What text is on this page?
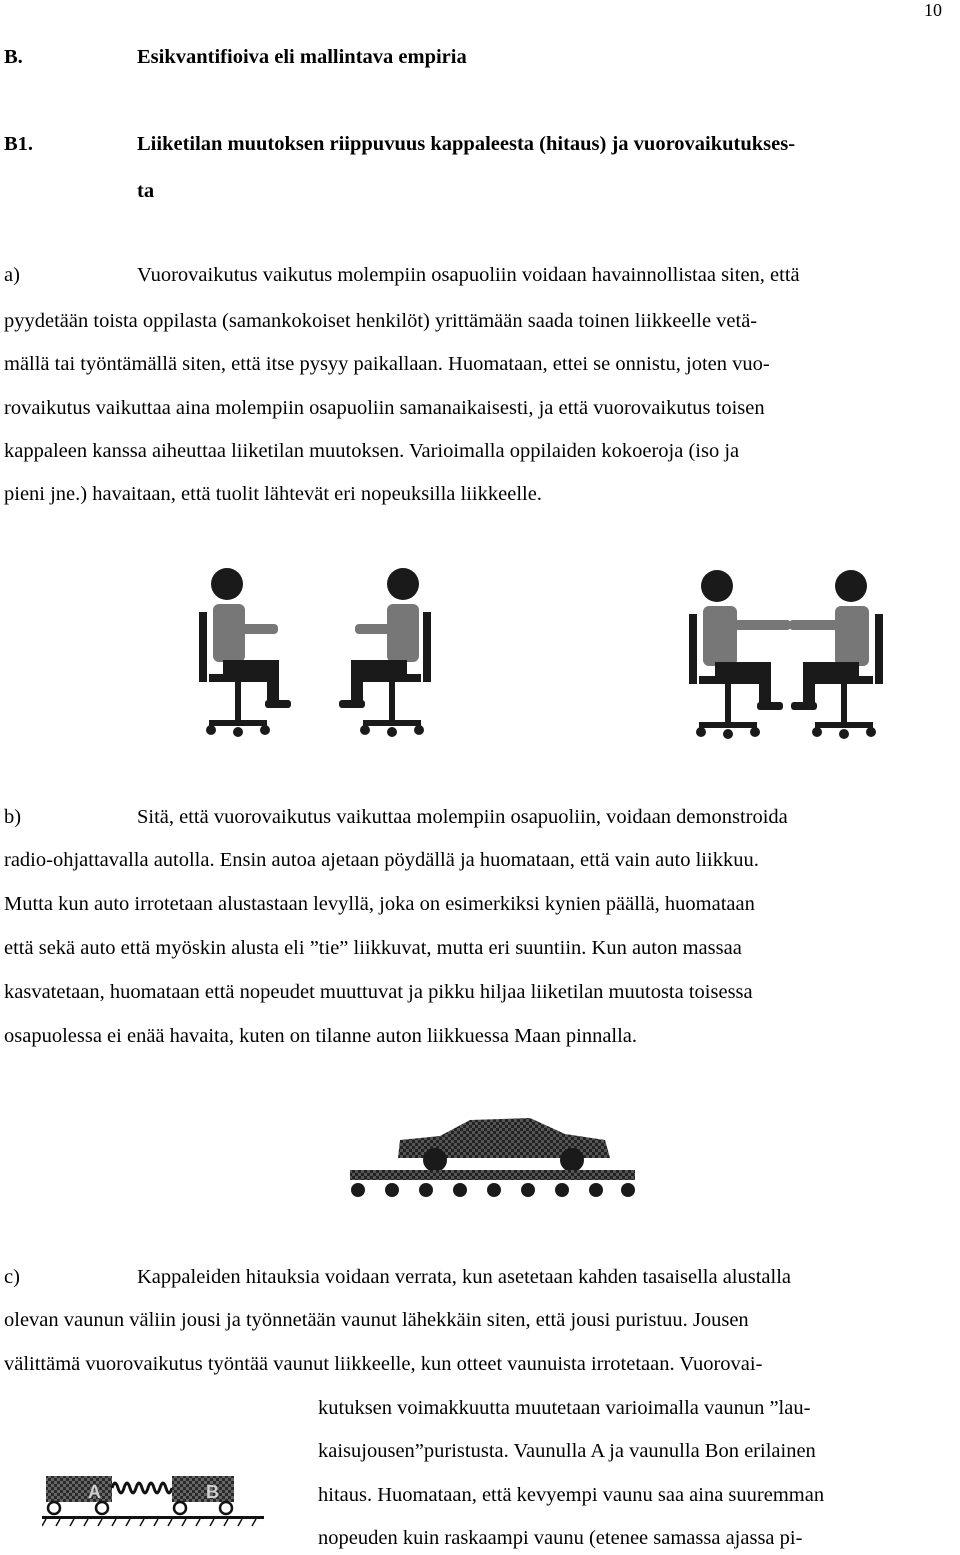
10
B.	Esikvantifioiva eli mallintava empiria
B1.	Liiketilan muutoksen riippuvuus kappaleesta (hitaus) ja vuorovaikutukses-
ta
a)	Vuorovaikutus vaikutus molempiin osapuoliin voidaan havainnollistaa siten, että
pyydetään toista oppilasta (samankokoiset henkilöt) yrittämään saada toinen liikkeelle vetä-
mällä tai työntämällä siten, että itse pysyy paikallaan. Huomataan, ettei se onnistu, joten vuo-
rovaikutus vaikuttaa aina molempiin osapuoliin samanaikaisesti, ja että vuorovaikutus toisen
kappaleen kanssa aiheuttaa liiketilan muutoksen. Varioimalla oppilaiden kokoeroja (iso ja
pieni jne.) havaitaan, että tuolit lähtevät eri nopeuksilla liikkeelle.
b)	Sitä, että vuorovaikutus vaikuttaa molempiin osapuoliin, voidaan demonstroida
radio-ohjattavalla autolla. Ensin autoa ajetaan pöydällä ja huomataan, että vain auto liikkuu.
Mutta kun auto irrotetaan alustastaan levyllä, joka on esimerkiksi kynien päällä, huomataan
että sekä auto että myöskin alusta eli ”tie” liikkuvat, mutta eri suuntiin. Kun auton massaa
kasvatetaan, huomataan että nopeudet muuttuvat ja pikku hiljaa liiketilan muutosta toisessa
osapuolessa ei enää havaita, kuten on tilanne auton liikkuessa Maan pinnalla.
c)	Kappaleiden hitauksia voidaan verrata, kun asetetaan kahden tasaisella alustalla
olevan vaunun väliin jousi ja työnnetään vaunut lähekkäin siten, että jousi puristuu. Jousen
välittämä vuorovaikutus työntää vaunut liikkeelle, kun otteet vaunuista irrotetaan. Vuorovai-
kutuksen voimakkuutta muutetaan varioimalla vaunun ”lau-
kaisujousen”puristusta. Vaunulla A ja vaunulla Bon erilainen
hitaus. Huomataan, että kevyempi vaunu saa aina suuremman
nopeuden kuin raskaampi vaunu (etenee samassa ajassa pi-
A	B
